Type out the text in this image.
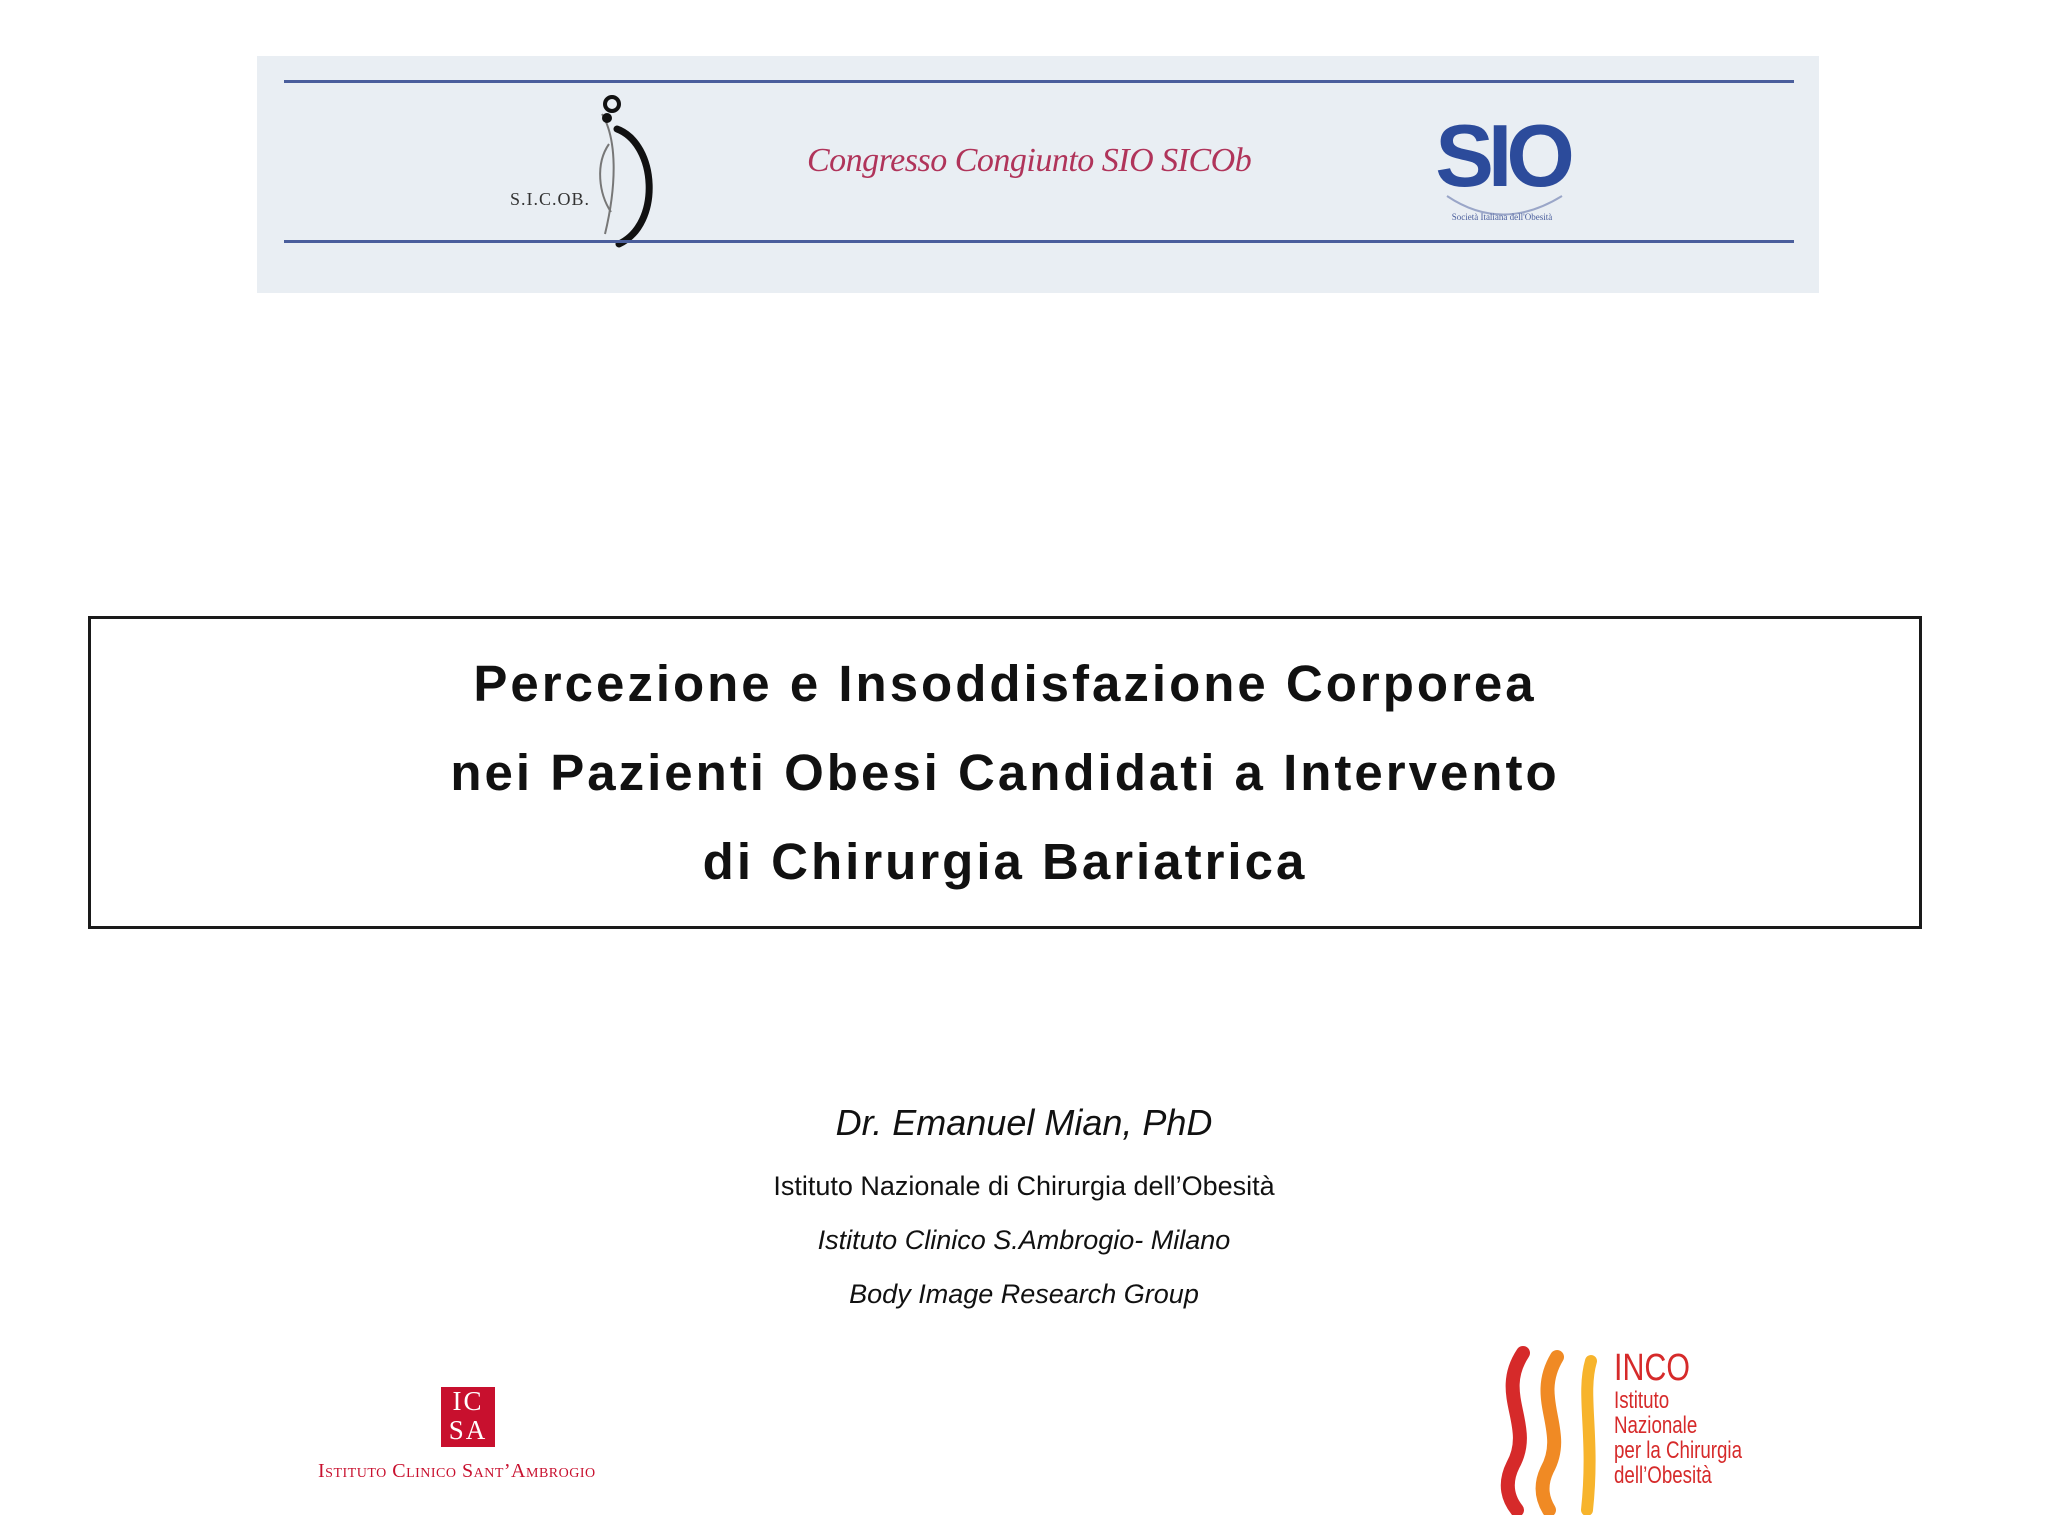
S.I.C.OB.
Congresso Congiunto SIO SICOb	SIO
Società Italiana dell'Obesità
Percezione e Insoddisfazione Corporea
nei Pazienti Obesi Candidati a Intervento
di Chirurgia Bariatrica
Dr. Emanuel Mian, PhD
Istituto Nazionale di Chirurgia dell’Obesità
Istituto Clinico S.Ambrogio- Milano
Body Image Research Group
IC
SA
Istituto Clinico Sant’Ambrogio
INCO
Istituto
Nazionale
per la Chirurgia
dell’Obesità
